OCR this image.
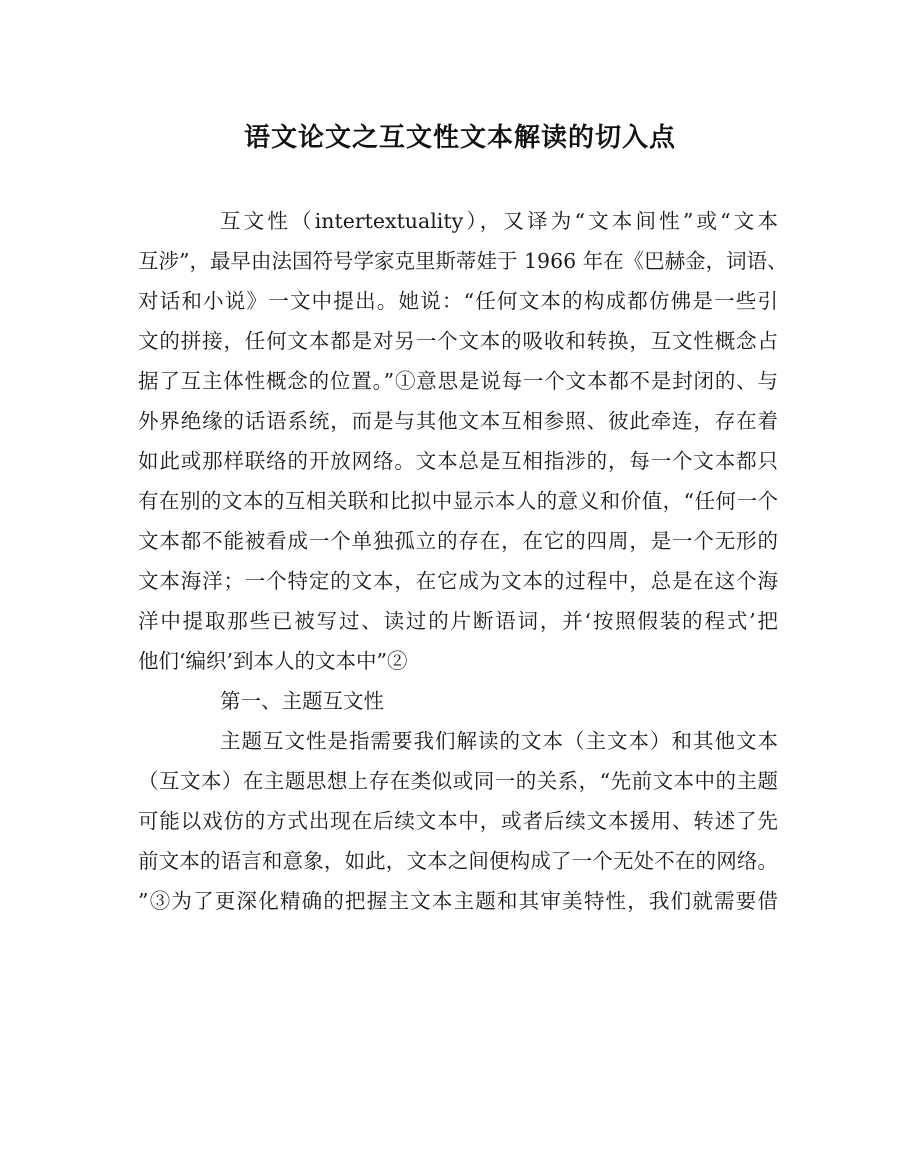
语文论文之互文性文本解读的切入点
互文性（intertextuality），又译为“文本间性”或“文本
互涉”，最早由法国符号学家克里斯蒂娃于 1966 年在《巴赫金，词语、
对话和小说》一文中提出。她说：“任何文本的构成都仿佛是一些引
文的拼接，任何文本都是对另一个文本的吸收和转换，互文性概念占
据了互主体性概念的位置。”①意思是说每一个文本都不是封闭的、与
外界绝缘的话语系统，而是与其他文本互相参照、彼此牵连，存在着
如此或那样联络的开放网络。文本总是互相指涉的，每一个文本都只
有在别的文本的互相关联和比拟中显示本人的意义和价值，“任何一个
文本都不能被看成一个单独孤立的存在，在它的四周，是一个无形的
文本海洋；一个特定的文本，在它成为文本的过程中，总是在这个海
洋中提取那些已被写过、读过的片断语词，并‘按照假装的程式’把
他们‘编织’到本人的文本中”②
第一、主题互文性
主题互文性是指需要我们解读的文本（主文本）和其他文本
（互文本）在主题思想上存在类似或同一的关系，“先前文本中的主题
可能以戏仿的方式出现在后续文本中，或者后续文本援用、转述了先
前文本的语言和意象，如此，文本之间便构成了一个无处不在的网络。
”③为了更深化精确的把握主文本主题和其审美特性，我们就需要借
